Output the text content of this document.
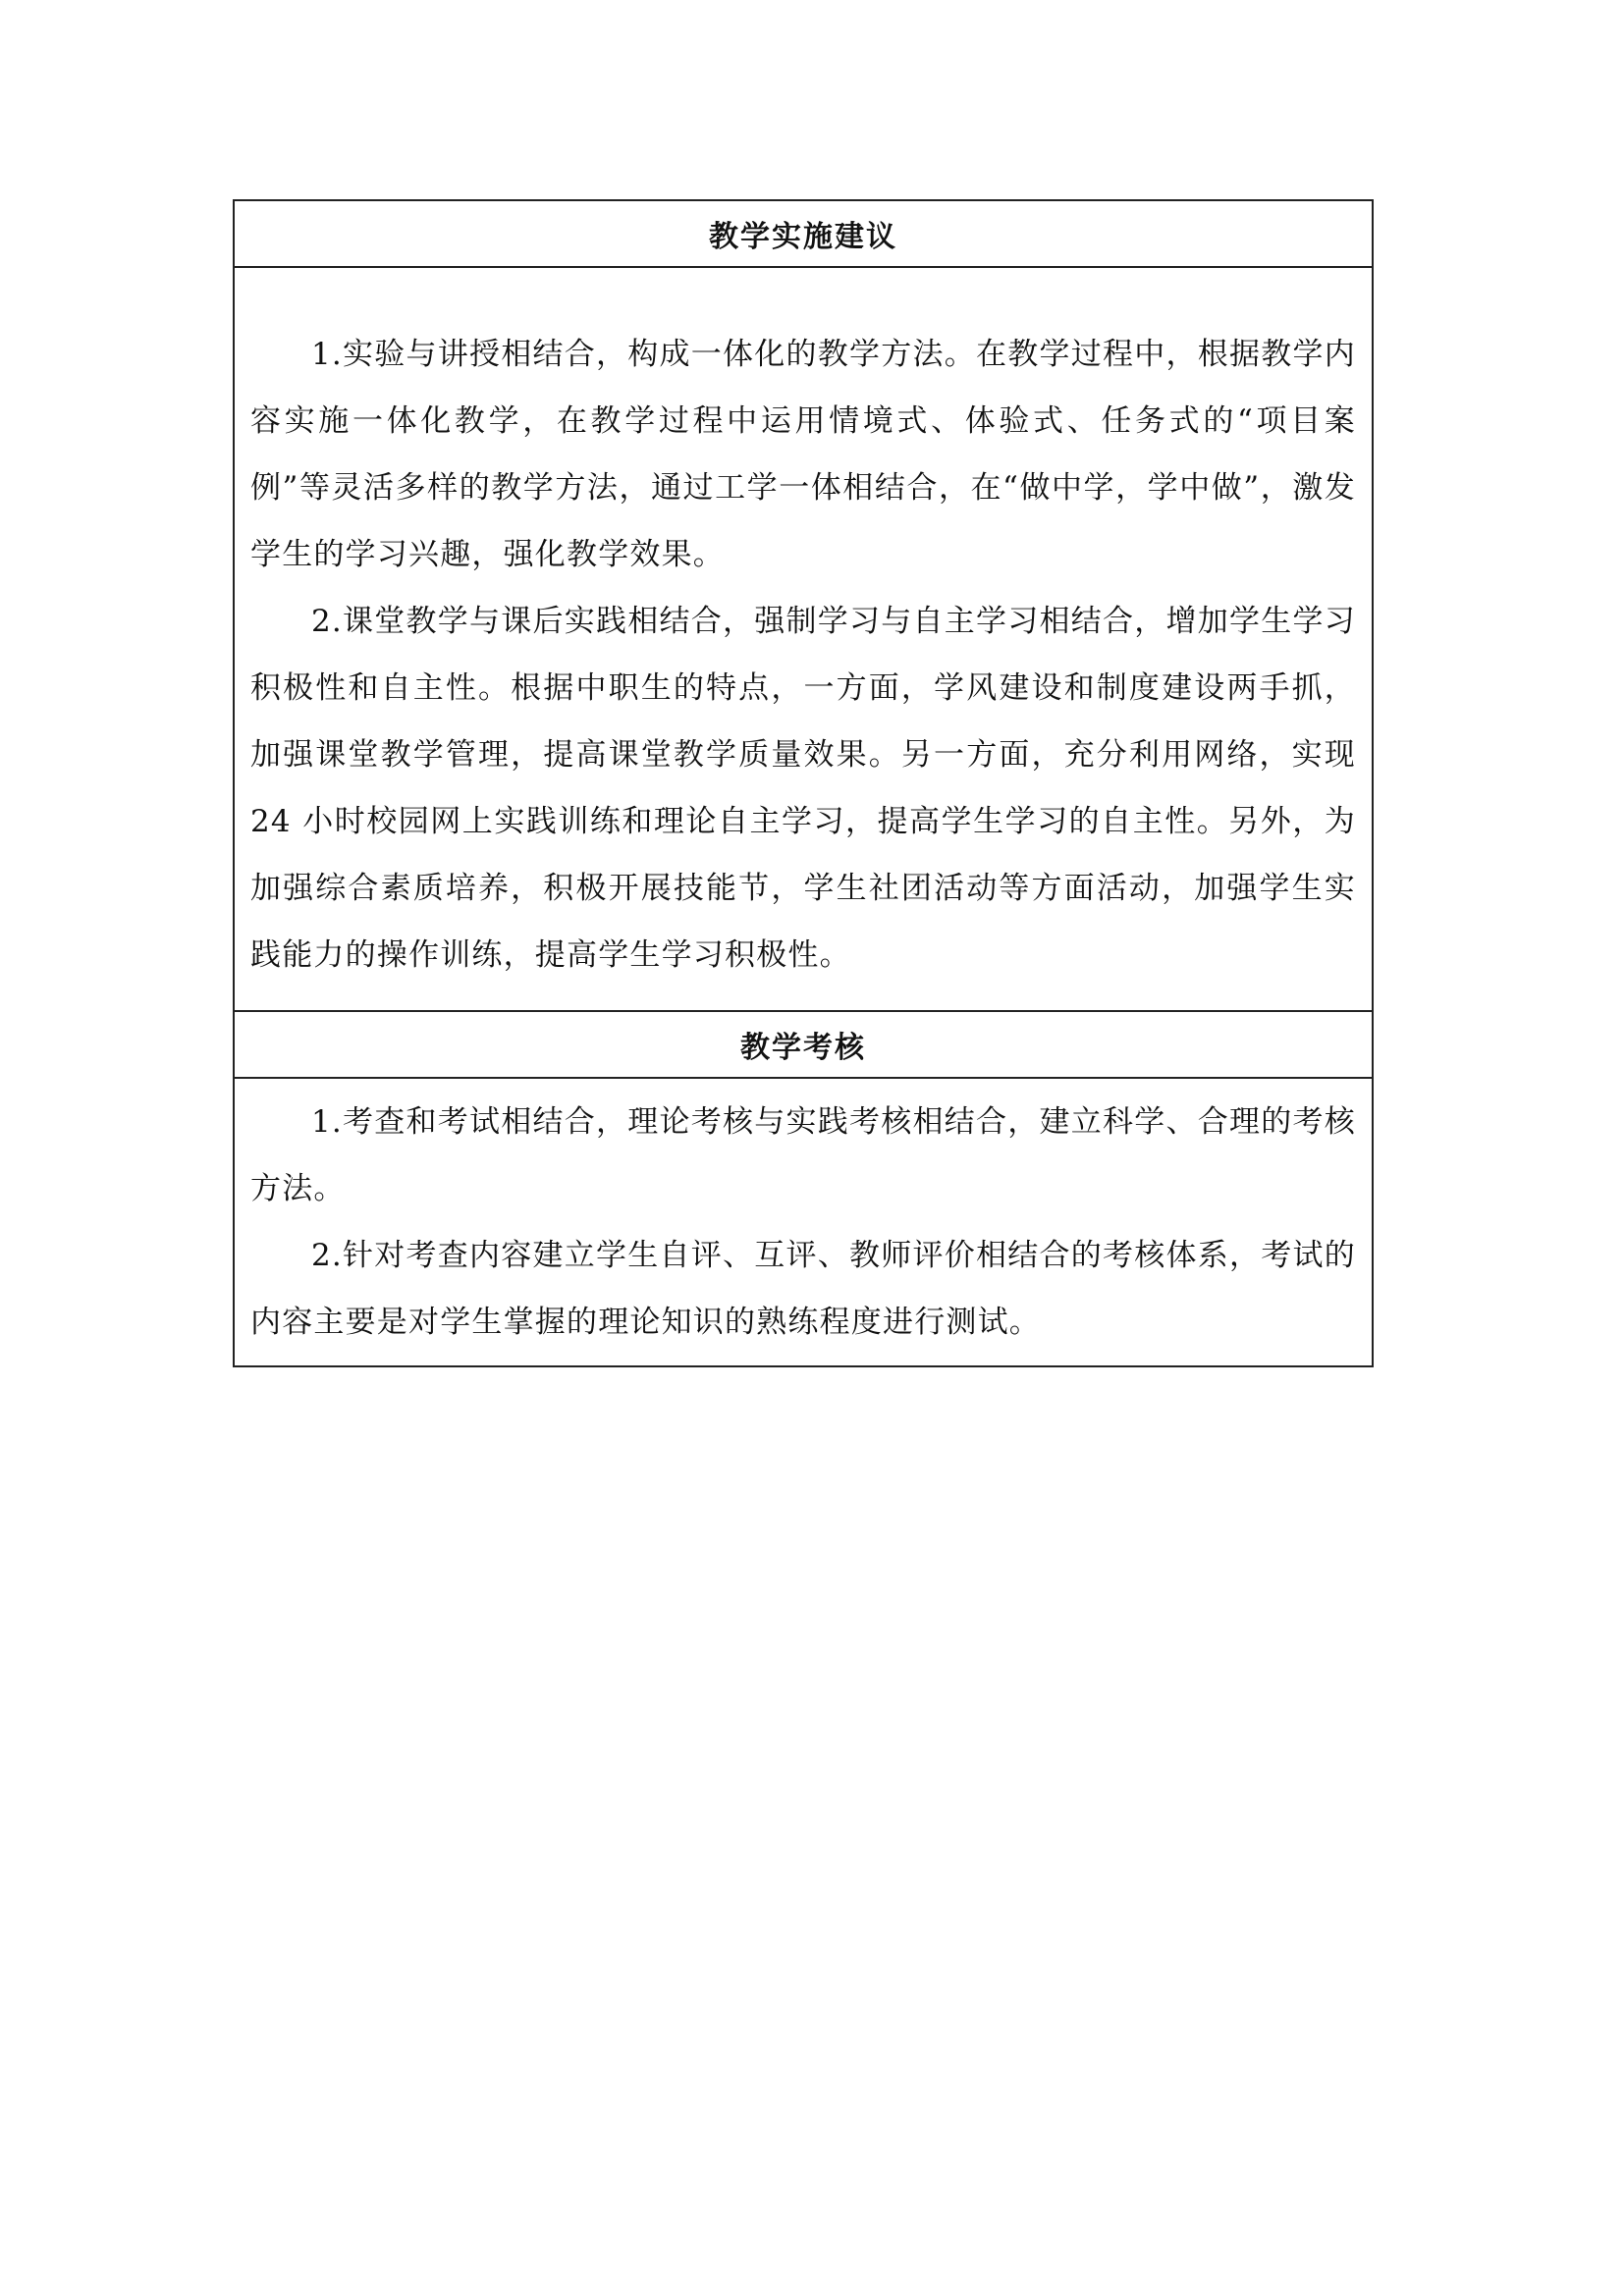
教学实施建议

1.实验与讲授相结合，构成一体化的教学方法。在教学过程中，根据教学内容实施一体化教学，在教学过程中运用情境式、体验式、任务式的“项目案例”等灵活多样的教学方法，通过工学一体相结合，在“做中学，学中做”，激发学生的学习兴趣，强化教学效果。

2.课堂教学与课后实践相结合，强制学习与自主学习相结合，增加学生学习积极性和自主性。根据中职生的特点，一方面，学风建设和制度建设两手抓，加强课堂教学管理，提高课堂教学质量效果。另一方面，充分利用网络，实现 24 小时校园网上实践训练和理论自主学习，提高学生学习的自主性。另外，为加强综合素质培养，积极开展技能节，学生社团活动等方面活动，加强学生实践能力的操作训练，提高学生学习积极性。

教学考核

1.考查和考试相结合，理论考核与实践考核相结合，建立科学、合理的考核方法。

2.针对考查内容建立学生自评、互评、教师评价相结合的考核体系，考试的内容主要是对学生掌握的理论知识的熟练程度进行测试。
